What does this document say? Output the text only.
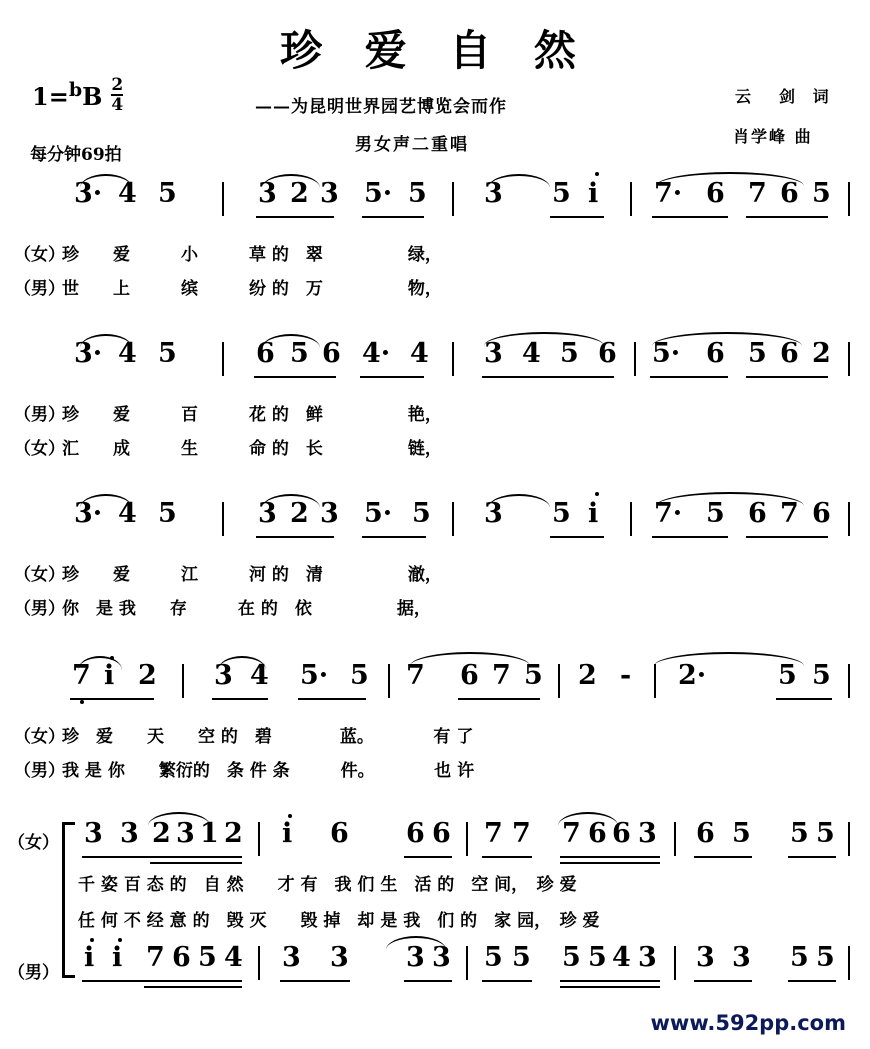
珍 爱 自 然
1= b B $\frac{2}{4}$
每分钟69拍
——为昆明世界园艺博览会而作
男女声二重唱
云　剑 词
肖学峰 曲
3· 4 5	3 2 3 5· 5 3 5 i 7· 6 7 6 5
（女）
珍　　爱　　　小　　　草 的　翠　　　　　绿，
（男）
世　　上　　　缤　　　纷 的　万　　　　　物，
3· 4 5	6 5 6 4· 4 3 4 5 6 5· 6 5 6 2
（男）
珍　　爱　　　百　　　花 的　鲜　　　　　艳，
（女）
汇　　成　　　生　　　命 的　长　　　　　链，
3· 4 5	3 2 3 5· 5 3 5 i 7· 5 6 7 6
（女）
珍　　爱　　　江　　　河 的　清　　　　　澈，
（男）
你　是 我　　存　　　在 的　依　　　　　据，
7 i 2 3 4 5· 5 7 6 7 5 2 - 2·	5 5
（女）
珍　爱　　天　　空 的　碧　　　　蓝。　　　　有 了
（男）
我 是 你　　繁衍的　条 件 条　　　件。　　　　也 许
（女）
（男）
3 3 2 3 1 2 i 6 6 6 7 7 7 6 6 3 6 5 5 5
千 姿 百 态 的　自 然　　才 有　我 们 生　活 的　空 间，　珍 爱
任 何 不 经 意 的　毁 灭　　毁 掉　却 是 我　们 的　家 园，　珍 爱
i i 7 6 5 4 3 3 3 3 5 5 5 5 4 3 3 3 5 5
www.592pp.com
